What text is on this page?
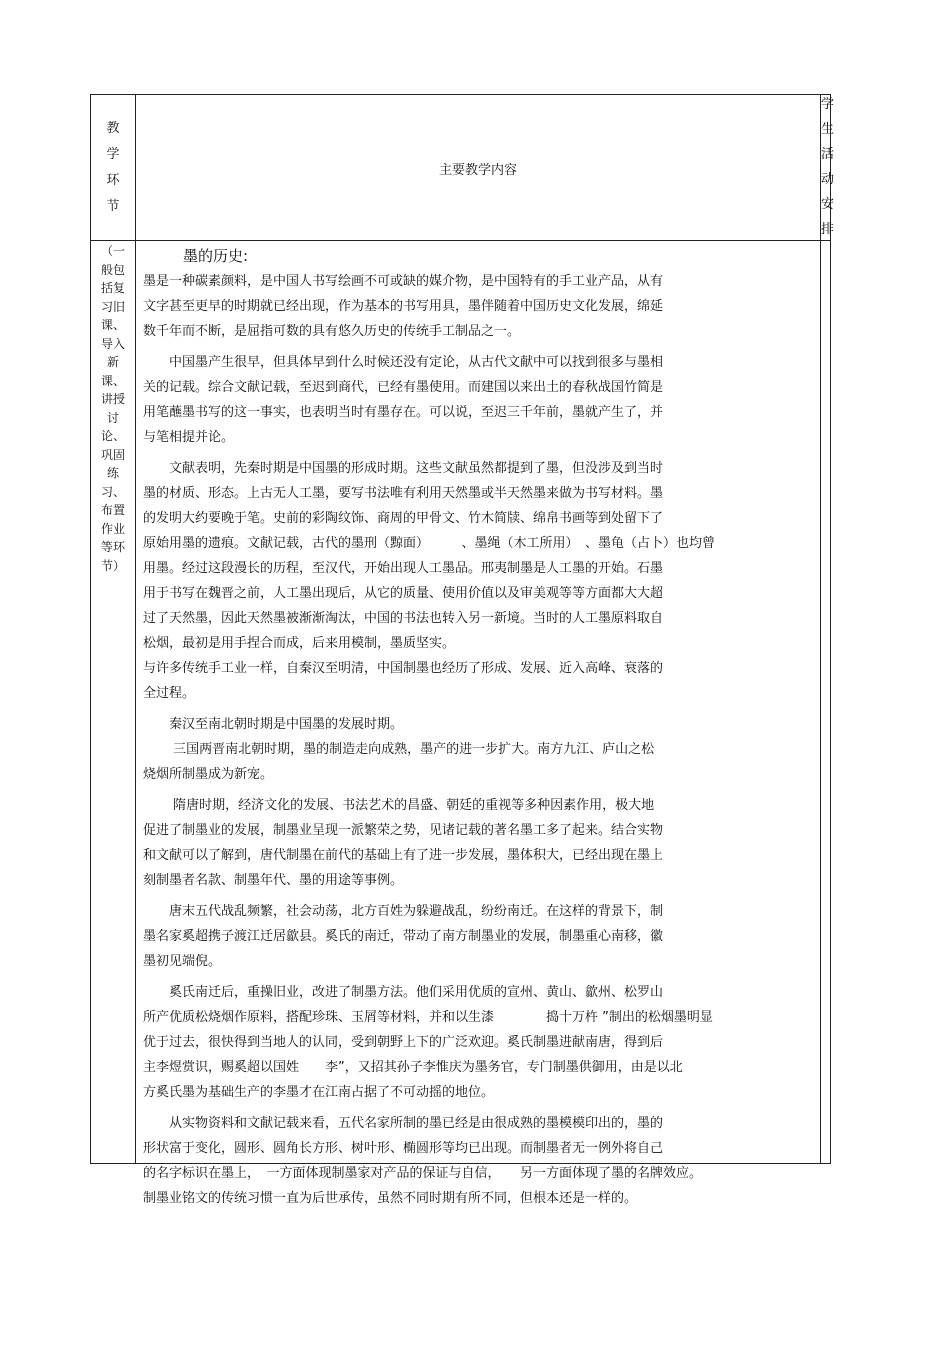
教
学
环
节
主要教学内容
学
生
活
动
安
排
（一
般包
括复
习旧
课、
导入
新
课、
讲授
讨
论、
巩固
练
习、
布置
作业
等环
节）

墨的历史:

墨是一种碳素颜料，是中国人书写绘画不可或缺的媒介物，是中国特有的手工业产品，从有

文字甚至更早的时期就已经出现，作为基本的书写用具，墨伴随着中国历史文化发展，绵延

数千年而不断，是屈指可数的具有悠久历史的传统手工制品之一。

　　中国墨产生很早，但具体早到什么时候还没有定论，从古代文献中可以找到很多与墨相

关的记载。综合文献记载，至迟到商代，已经有墨使用。而建国以来出土的春秋战国竹简是

用笔蘸墨书写的这一事实，也表明当时有墨存在。可以说，至迟三千年前，墨就产生了，并

与笔相提并论。

　　文献表明，先秦时期是中国墨的形成时期。这些文献虽然都提到了墨，但没涉及到当时

墨的材质、形态。上古无人工墨，要写书法唯有利用天然墨或半天然墨来做为书写材料。墨

的发明大约要晚于笔。史前的彩陶纹饰、商周的甲骨文、竹木简牍、绵帛书画等到处留下了

原始用墨的遗痕。文献记载，古代的墨刑（黥面）　　　、墨绳（木工所用）　、墨龟（占卜）也均曾

用墨。经过这段漫长的历程，至汉代，开始出现人工墨品。邢夷制墨是人工墨的开始。石墨

用于书写在魏晋之前，人工墨出现后，从它的质量、使用价值以及审美观等等方面都大大超

过了天然墨，因此天然墨被渐渐淘汰，中国的书法也转入另一新境。当时的人工墨原料取自

松烟，最初是用手捏合而成，后来用模制，墨质坚实。

与许多传统手工业一样，自秦汉至明清，中国制墨也经历了形成、发展、近入高峰、衰落的

全过程。

　　秦汉至南北朝时期是中国墨的发展时期。

　　 三国两晋南北朝时期，墨的制造走向成熟，墨产的进一步扩大。南方九江、庐山之松

烧烟所制墨成为新宠。

　　 隋唐时期，经济文化的发展、书法艺术的昌盛、朝廷的重视等多种因素作用，极大地

促进了制墨业的发展，制墨业呈现一派繁荣之势，见诸记载的著名墨工多了起来。结合实物

和文献可以了解到，唐代制墨在前代的基础上有了进一步发展，墨体积大，已经出现在墨上

刻制墨者名款、制墨年代、墨的用途等事例。

　　唐末五代战乱频繁，社会动荡，北方百姓为躲避战乱，纷纷南迁。在这样的背景下，制

墨名家奚超携子渡江迁居歙县。奚氏的南迁，带动了南方制墨业的发展，制墨重心南移，徽

墨初见端倪。

　　奚氏南迁后，重操旧业，改进了制墨方法。他们采用优质的宣州、黄山、歙州、松罗山

所产优质松烧烟作原料，搭配珍珠、玉屑等材料，并和以生漆　　　　捣十万杵 ”制出的松烟墨明显

优于过去，很快得到当地人的认同，受到朝野上下的广泛欢迎。奚氏制墨进献南唐，得到后

主李煜赏识，赐奚超以国姓　　李”，又招其孙子李惟庆为墨务官，专门制墨供御用，由是以北

方奚氏墨为基础生产的李墨才在江南占据了不可动摇的地位。

　　从实物资料和文献记载来看，五代名家所制的墨已经是由很成熟的墨模模印出的，墨的

形状富于变化，圆形、圆角长方形、树叶形、椭圆形等均已出现。而制墨者无一例外将自己

的名字标识在墨上，　一方面体现制墨家对产品的保证与自信，　　另一方面体现了墨的名牌效应。

制墨业铭文的传统习惯一直为后世承传，虽然不同时期有所不同，但根本还是一样的。
